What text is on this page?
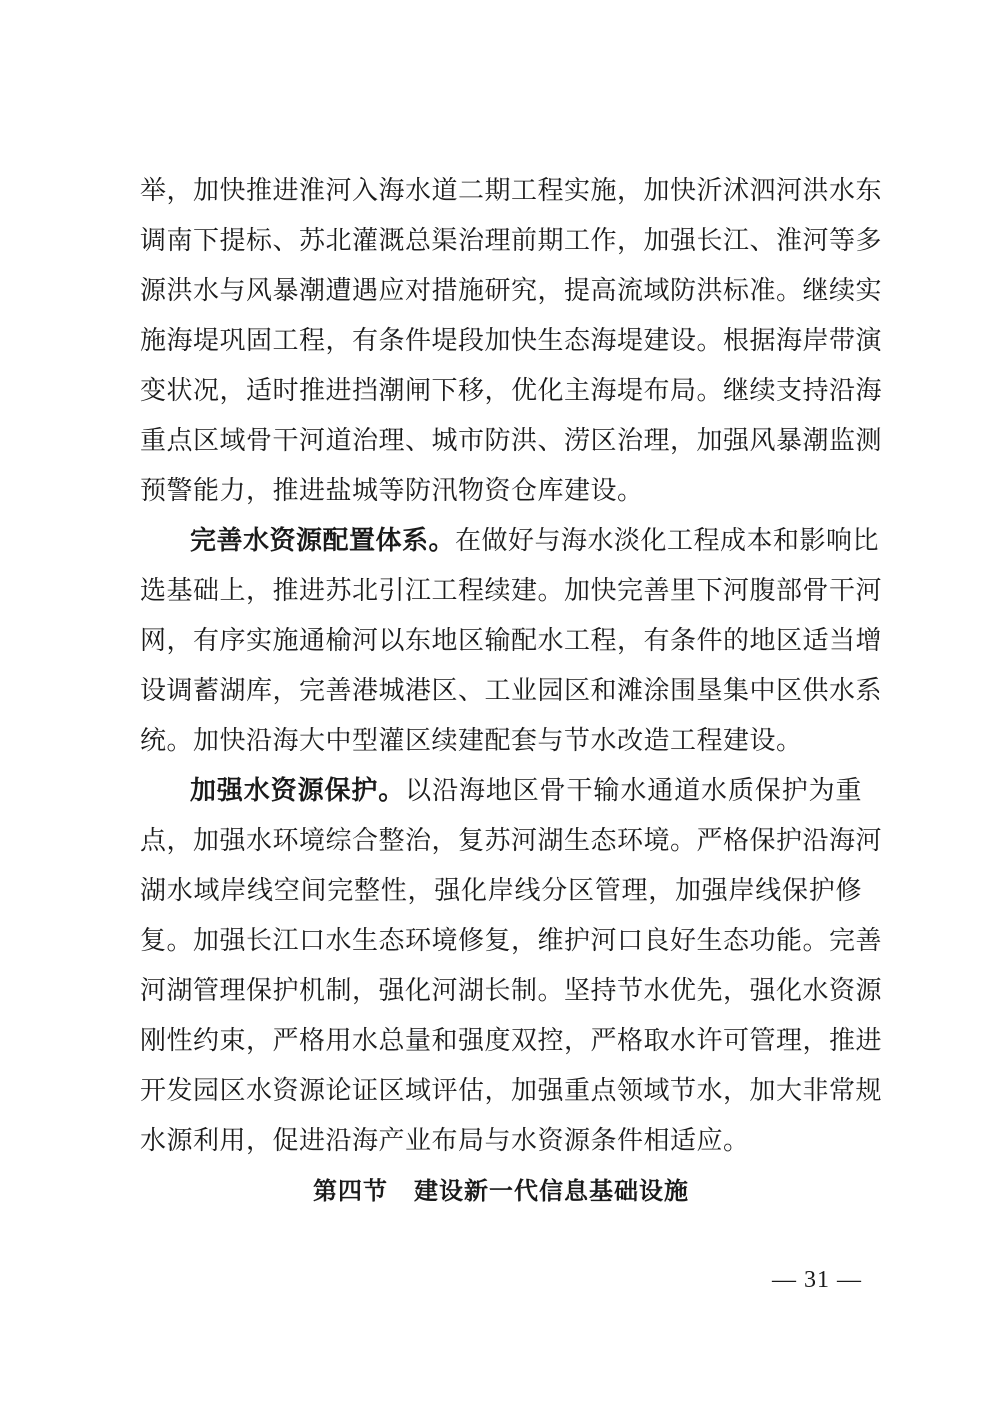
举，加快推进淮河入海水道二期工程实施，加快沂沭泗河洪水东
调南下提标、苏北灌溉总渠治理前期工作，加强长江、淮河等多
源洪水与风暴潮遭遇应对措施研究，提高流域防洪标准。继续实
施海堤巩固工程，有条件堤段加快生态海堤建设。根据海岸带演
变状况，适时推进挡潮闸下移，优化主海堤布局。继续支持沿海
重点区域骨干河道治理、城市防洪、涝区治理，加强风暴潮监测
预警能力，推进盐城等防汛物资仓库建设。
完善水资源配置体系。在做好与海水淡化工程成本和影响比
选基础上，推进苏北引江工程续建。加快完善里下河腹部骨干河
网，有序实施通榆河以东地区输配水工程，有条件的地区适当增
设调蓄湖库，完善港城港区、工业园区和滩涂围垦集中区供水系
统。加快沿海大中型灌区续建配套与节水改造工程建设。
加强水资源保护。以沿海地区骨干输水通道水质保护为重
点，加强水环境综合整治，复苏河湖生态环境。严格保护沿海河
湖水域岸线空间完整性，强化岸线分区管理，加强岸线保护修
复。加强长江口水生态环境修复，维护河口良好生态功能。完善
河湖管理保护机制，强化河湖长制。坚持节水优先，强化水资源
刚性约束，严格用水总量和强度双控，严格取水许可管理，推进
开发园区水资源论证区域评估，加强重点领域节水，加大非常规
水源利用，促进沿海产业布局与水资源条件相适应。
第四节 建设新一代信息基础设施
— 31 —
